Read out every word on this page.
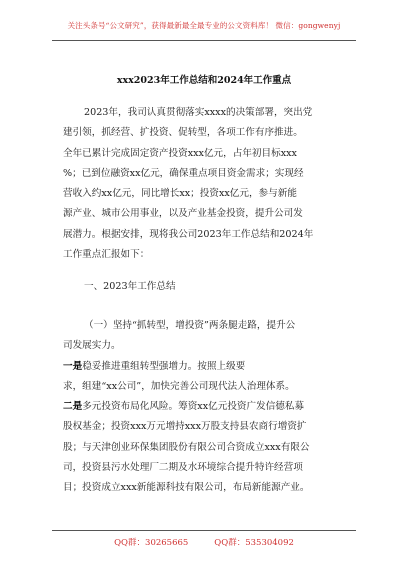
关注头条号“公文研究”，获得最新最全最专业的公文资料库！ 微信：gongwenyj
xxx2023年工作总结和2024年工作重点
2023年，我司认真贯彻落实xxxx的决策部署，突出党
建引领，抓经营、扩投资、促转型，各项工作有序推进。
全年已累计完成固定资产投资xxx亿元，占年初目标xxx
%；已到位融资xx亿元，确保重点项目资金需求；实现经
营收入约xx亿元，同比增长xx；投资xx亿元，参与新能
源产业、城市公用事业，以及产业基金投资，提升公司发
展潜力。根据安排，现将我公司2023年工作总结和2024年
工作重点汇报如下：
一、2023年工作总结
（一）坚持“抓转型，增投资”两条腿走路，提升公
司发展实力。
一是稳妥推进重组转型强增力。按照上级要
求，组建“xx公司”，加快完善公司现代法人治理体系。
二是多元投资布局化风险。筹资xx亿元投资广发信德私募
股权基金；投资xxx万元增持xxx万股支持县农商行增资扩
股；与天津创业环保集团股份有限公司合资成立xxx有限公
司，投资县污水处理厂二期及水环境综合提升特许经营项
目；投资成立xxx新能源科技有限公司，布局新能源产业。
QQ群：30265665	QQ群：535304092
